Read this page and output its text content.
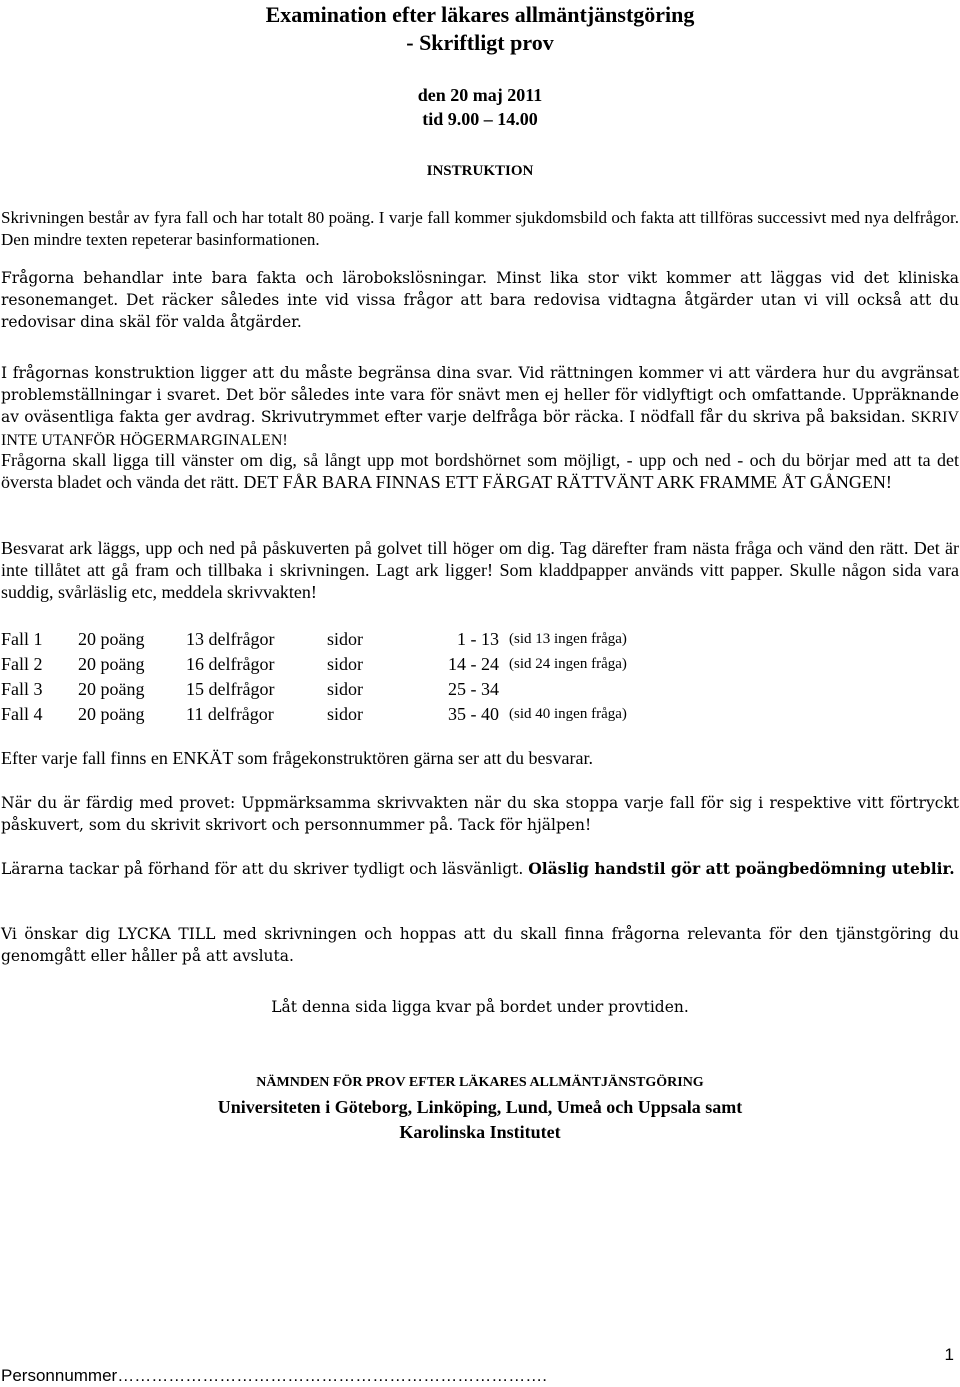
Examination efter läkares allmäntjänstgöring
- Skriftligt prov
den 20 maj 2011
tid 9.00 – 14.00
INSTRUKTION

Skrivningen består av fyra fall och har totalt 80 poäng. I varje fall kommer sjukdomsbild och fakta att tillföras successivt med nya delfrågor. Den mindre texten repeterar basinformationen.

Frågorna behandlar inte bara fakta och lärobokslösningar. Minst lika stor vikt kommer att läggas vid det kliniska resonemanget. Det räcker således inte vid vissa frågor att bara redovisa vidtagna åtgärder utan vi vill också att du redovisar dina skäl för valda åtgärder.

I frågornas konstruktion ligger att du måste begränsa dina svar. Vid rättningen kommer vi att värdera hur du avgränsat problemställningar i svaret. Det bör således inte vara för snävt men ej heller för vidlyftigt och omfattande. Uppräknande av oväsentliga fakta ger avdrag. Skrivutrymmet efter varje delfråga bör räcka. I nödfall får du skriva på baksidan. SKRIV INTE UTANFÖR HÖGERMARGINALEN!

Frågorna skall ligga till vänster om dig, så långt upp mot bordshörnet som möjligt, - upp och ned - och du börjar med att ta det översta bladet och vända det rätt. DET FÅR BARA FINNAS ETT FÄRGAT RÄTTVÄNT ARK FRAMME ÅT GÅNGEN!

Besvarat ark läggs, upp och ned på påskuverten på golvet till höger om dig. Tag därefter fram nästa fråga och vänd den rätt. Det är inte tillåtet att gå fram och tillbaka i skrivningen. Lagt ark ligger! Som kladdpapper används vitt papper. Skulle någon sida vara suddig, svårläslig etc, meddela skrivvakten!

Fall 1	20 poäng	13 delfrågor	sidor	1 - 13	(sid 13 ingen fråga)
Fall 2	20 poäng	16 delfrågor	sidor	14 - 24	(sid 24 ingen fråga)
Fall 3	20 poäng	15 delfrågor	sidor	25 - 34	
Fall 4	20 poäng	11 delfrågor	sidor	35 - 40	(sid 40 ingen fråga)

Efter varje fall finns en ENKÄT som frågekonstruktören gärna ser att du besvarar.

När du är färdig med provet: Uppmärksamma skrivvakten när du ska stoppa varje fall för sig i respektive vitt förtryckt påskuvert, som du skrivit skrivort och personnummer på. Tack för hjälpen!

Lärarna tackar på förhand för att du skriver tydligt och läsvänligt. Oläslig handstil gör att poängbedömning uteblir.

Vi önskar dig LYCKA TILL med skrivningen och hoppas att du skall finna frågorna relevanta för den tjänstgöring du genomgått eller håller på att avsluta.

Låt denna sida ligga kvar på bordet under provtiden.
NÄMNDEN FÖR PROV EFTER LÄKARES ALLMÄNTJÄNSTGÖRING
Universiteten i Göteborg, Linköping, Lund, Umeå och Uppsala samt
Karolinska Institutet
1
Personnummer………………………………………………………………….
